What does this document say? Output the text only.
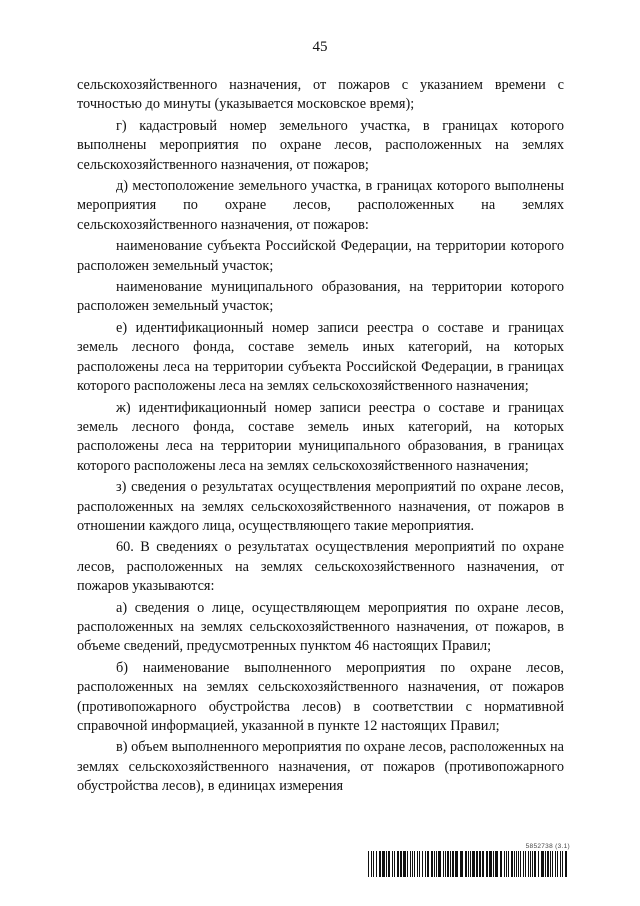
45

сельскохозяйственного назначения, от пожаров с указанием времени с точностью до минуты (указывается московское время);

г) кадастровый номер земельного участка, в границах которого выполнены мероприятия по охране лесов, расположенных на землях сельскохозяйственного назначения, от пожаров;

д) местоположение земельного участка, в границах которого выполнены мероприятия по охране лесов, расположенных на землях сельскохозяйственного назначения, от пожаров:

наименование субъекта Российской Федерации, на территории которого расположен земельный участок;

наименование муниципального образования, на территории которого расположен земельный участок;

е) идентификационный номер записи реестра о составе и границах земель лесного фонда, составе земель иных категорий, на которых расположены леса на территории субъекта Российской Федерации, в границах которого расположены леса на землях сельскохозяйственного назначения;

ж) идентификационный номер записи реестра о составе и границах земель лесного фонда, составе земель иных категорий, на которых расположены леса на территории муниципального образования, в границах которого расположены леса на землях сельскохозяйственного назначения;

з) сведения о результатах осуществления мероприятий по охране лесов, расположенных на землях сельскохозяйственного назначения, от пожаров в отношении каждого лица, осуществляющего такие мероприятия.

60. В сведениях о результатах осуществления мероприятий по охране лесов, расположенных на землях сельскохозяйственного назначения, от пожаров указываются:

а) сведения о лице, осуществляющем мероприятия по охране лесов, расположенных на землях сельскохозяйственного назначения, от пожаров, в объеме сведений, предусмотренных пунктом 46 настоящих Правил;

б) наименование выполненного мероприятия по охране лесов, расположенных на землях сельскохозяйственного назначения, от пожаров (противопожарного обустройства лесов) в соответствии с нормативной справочной информацией, указанной в пункте 12 настоящих Правил;

в) объем выполненного мероприятия по охране лесов, расположенных на землях сельскохозяйственного назначения, от пожаров (противопожарного обустройства лесов), в единицах измерения

5852738 (3.1)
